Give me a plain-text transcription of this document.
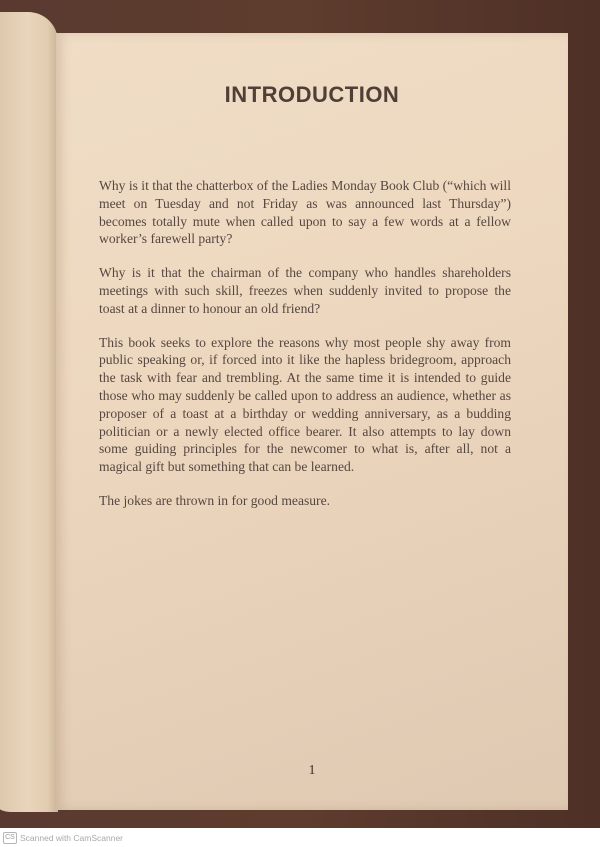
INTRODUCTION

Why is it that the chatterbox of the Ladies Monday Book Club (“which will meet on Tuesday and not Friday as was announced last Thursday”) becomes totally mute when called upon to say a few words at a fellow worker’s farewell party?

Why is it that the chairman of the company who handles shareholders meetings with such skill, freezes when suddenly invited to propose the toast at a dinner to honour an old friend?

This book seeks to explore the reasons why most people shy away from public speaking or, if forced into it like the hapless bridegroom, approach the task with fear and trembling. At the same time it is intended to guide those who may suddenly be called upon to address an audience, whether as proposer of a toast at a birthday or wedding anniversary, as a budding politician or a newly elected office bearer. It also attempts to lay down some guiding principles for the newcomer to what is, after all, not a magical gift but something that can be learned.

The jokes are thrown in for good measure.

1
CS Scanned with CamScanner
